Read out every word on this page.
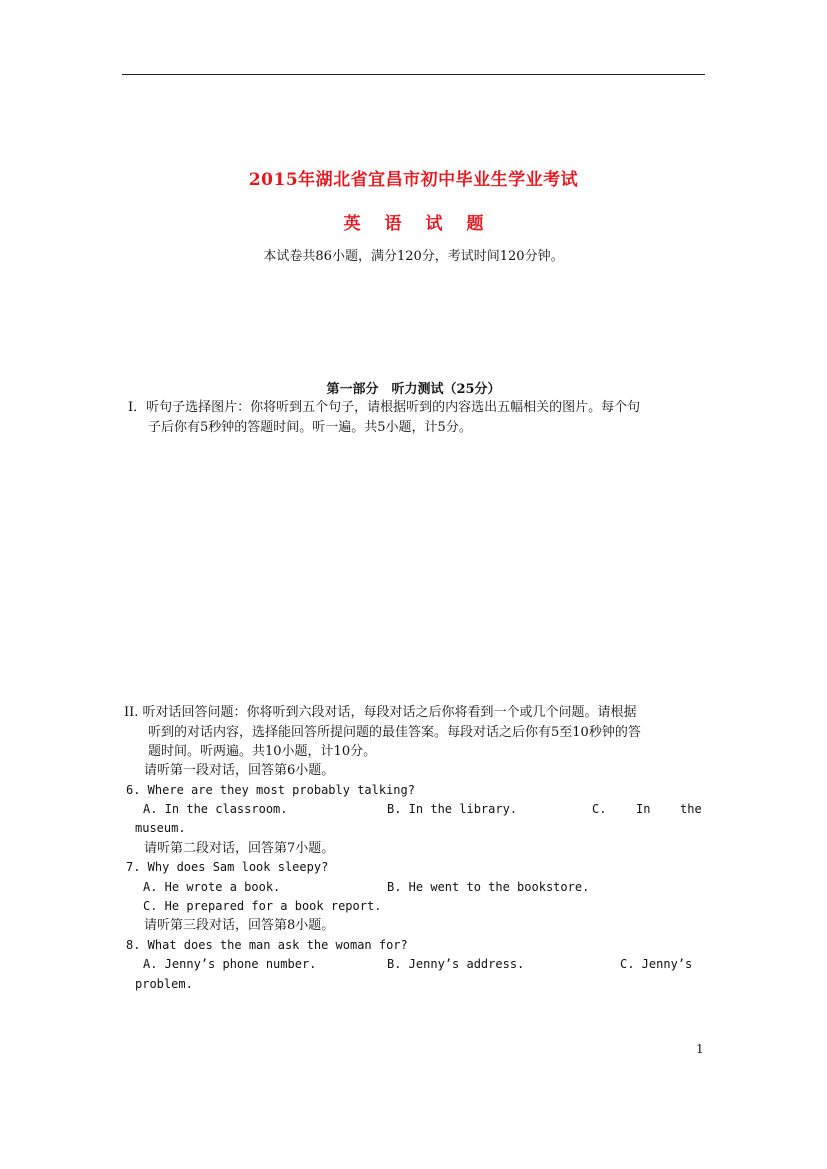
2015年湖北省宜昌市初中毕业生学业考试
英 语 试 题
本试卷共86小题，满分120分，考试时间120分钟。
第一部分　听力测试（25分）
Ⅰ．听句子选择图片：你将听到五个句子，请根据听到的内容选出五幅相关的图片。每个句
子后你有5秒钟的答题时间。听一遍。共5小题，计5分。
II. 听对话回答问题：你将听到六段对话，每段对话之后你将看到一个或几个问题。请根据
听到的对话内容，选择能回答所提问题的最佳答案。每段对话之后你有5至10秒钟的答
题时间。听两遍。共10小题，计10分。
请听第一段对话，回答第6小题。
6. Where are they most probably talking?
A. In the classroom.	B. In the library.	C. In the
museum.
请听第二段对话，回答第7小题。
7. Why does Sam look sleepy?
A. He wrote a book.	B. He went to the bookstore.
C. He prepared for a book report.
请听第三段对话，回答第8小题。
8. What does the man ask the woman for?
A. Jenny’s phone number.	B. Jenny’s address.	C. Jenny’s
problem.
1
